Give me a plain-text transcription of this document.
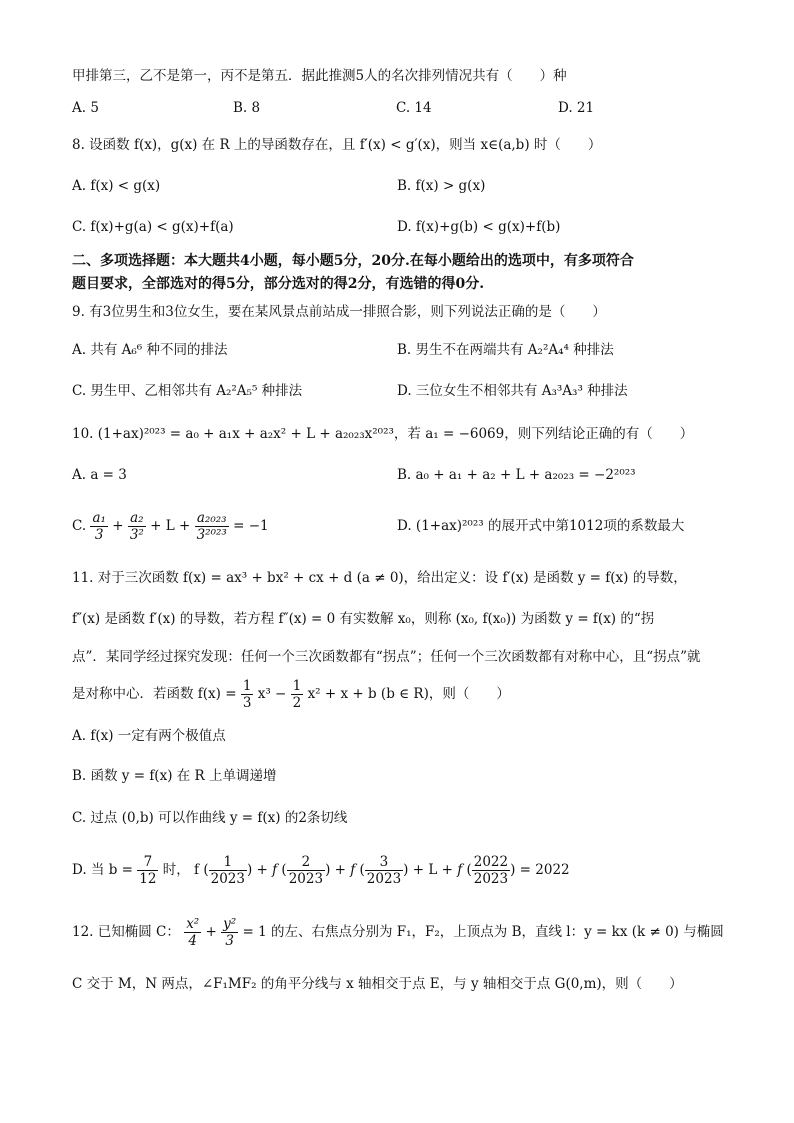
甲排第三，乙不是第一，丙不是第五．据此推测5人的名次排列情况共有（　　）种
A. 5	B. 8	C. 14	D. 21
8. 设函数 f(x)，g(x) 在 R 上的导函数存在，且 f′(x) < g′(x)，则当 x∈(a,b) 时（　　）
A. f(x) < g(x)	B. f(x) > g(x)
C. f(x)+g(a) < g(x)+f(a)	D. f(x)+g(b) < g(x)+f(b)
二、多项选择题：本大题共4小题，每小题5分，20分.在每小题给出的选项中，有多项符合
题目要求，全部选对的得5分，部分选对的得2分，有选错的得0分.
9. 有3位男生和3位女生，要在某风景点前站成一排照合影，则下列说法正确的是（　　）
A. 共有 A₆⁶ 种不同的排法	B. 男生不在两端共有 A₂²A₄⁴ 种排法
C. 男生甲、乙相邻共有 A₂²A₅⁵ 种排法	D. 三位女生不相邻共有 A₃³A₃³ 种排法
10. (1+ax)²⁰²³ = a₀ + a₁x + a₂x² + L + a₂₀₂₃x²⁰²³，若 a₁ = −6069，则下列结论正确的有（　　）
A. a = 3	B. a₀ + a₁ + a₂ + L + a₂₀₂₃ = −2²⁰²³
C. $\frac{\text{a₁}}{3} + \frac{\text{a₂}}{\text{3²}} + L + \frac{\text{a₂₀₂₃}}{\text{3²⁰²³}} = -1$	D. (1+ax)²⁰²³ 的展开式中第1012项的系数最大
11. 对于三次函数 f(x) = ax³ + bx² + cx + d (a ≠ 0)，给出定义：设 f′(x) 是函数 y = f(x) 的导数，
f″(x) 是函数 f′(x) 的导数，若方程 f″(x) = 0 有实数解 x₀，则称 (x₀, f(x₀)) 为函数 y = f(x) 的“拐
点”．某同学经过探究发现：任何一个三次函数都有“拐点”；任何一个三次函数都有对称中心，且“拐点”就
是对称中心．若函数 $f(x) = \frac{1}{3} x^3 - \frac{1}{2} x^2 + x + b$ (b ∈ R)，则（　　）
A. f(x) 一定有两个极值点
B. 函数 y = f(x) 在 R 上单调递增
C. 过点 (0,b) 可以作曲线 y = f(x) 的2条切线
D. 当 $b = \frac{7}{12}$ 时， f ( $\frac{1}{2023}$ ) + f ( $\frac{2}{2023}$ ) + f ( $\frac{3}{2023}$ ) + L + f ( $\frac{2022}{2023}$ ) = 2022
12. 已知椭圆 C： $\frac{\text{x²}}{4} + \frac{\text{y²}}{3} = 1$ 的左、右焦点分别为 F₁，F₂，上顶点为 B，直线 l：y = kx (k ≠ 0) 与椭圆
C 交于 M，N 两点，∠F₁MF₂ 的角平分线与 x 轴相交于点 E，与 y 轴相交于点 G(0,m)，则（　　）
